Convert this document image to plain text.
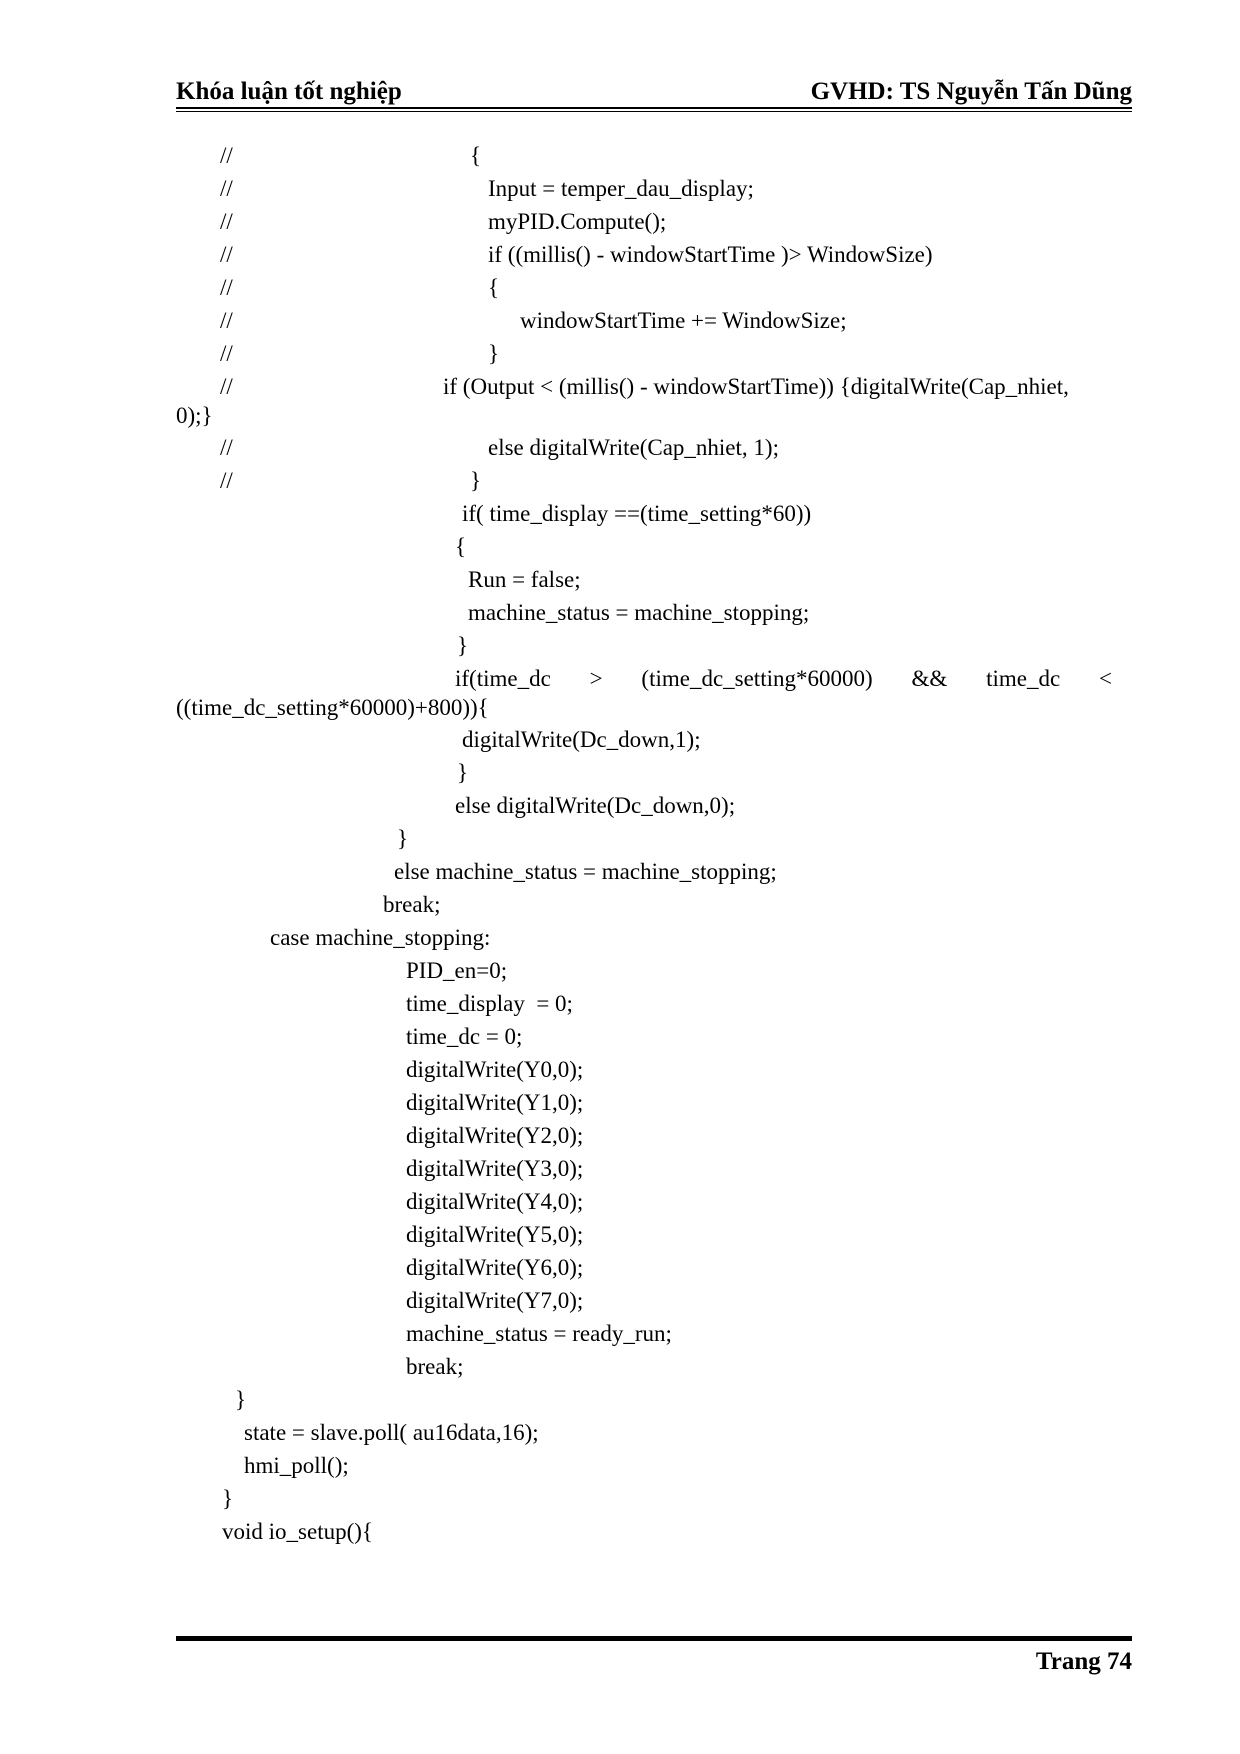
Khóa luận tốt nghiệp	GVHD: TS Nguyễn Tấn Dũng
//	{
//	Input = temper_dau_display;
//	myPID.Compute();
//	if ((millis() - windowStartTime )> WindowSize)
//	{
//	windowStartTime += WindowSize;
//	}
//	if (Output < (millis() - windowStartTime)) {digitalWrite(Cap_nhiet,
0);}
//	else digitalWrite(Cap_nhiet, 1);
//	}
if( time_display ==(time_setting*60))
{
Run = false;
machine_status = machine_stopping;
}
if(time_dc > (time_dc_setting*60000) && time_dc <
((time_dc_setting*60000)+800)){
digitalWrite(Dc_down,1);
}
else digitalWrite(Dc_down,0);
}
else machine_status = machine_stopping;
break;
case machine_stopping:
PID_en=0;
time_display  = 0;
time_dc = 0;
digitalWrite(Y0,0);
digitalWrite(Y1,0);
digitalWrite(Y2,0);
digitalWrite(Y3,0);
digitalWrite(Y4,0);
digitalWrite(Y5,0);
digitalWrite(Y6,0);
digitalWrite(Y7,0);
machine_status = ready_run;
break;
}
state = slave.poll( au16data,16);
hmi_poll();
}
void io_setup(){
Trang 74
